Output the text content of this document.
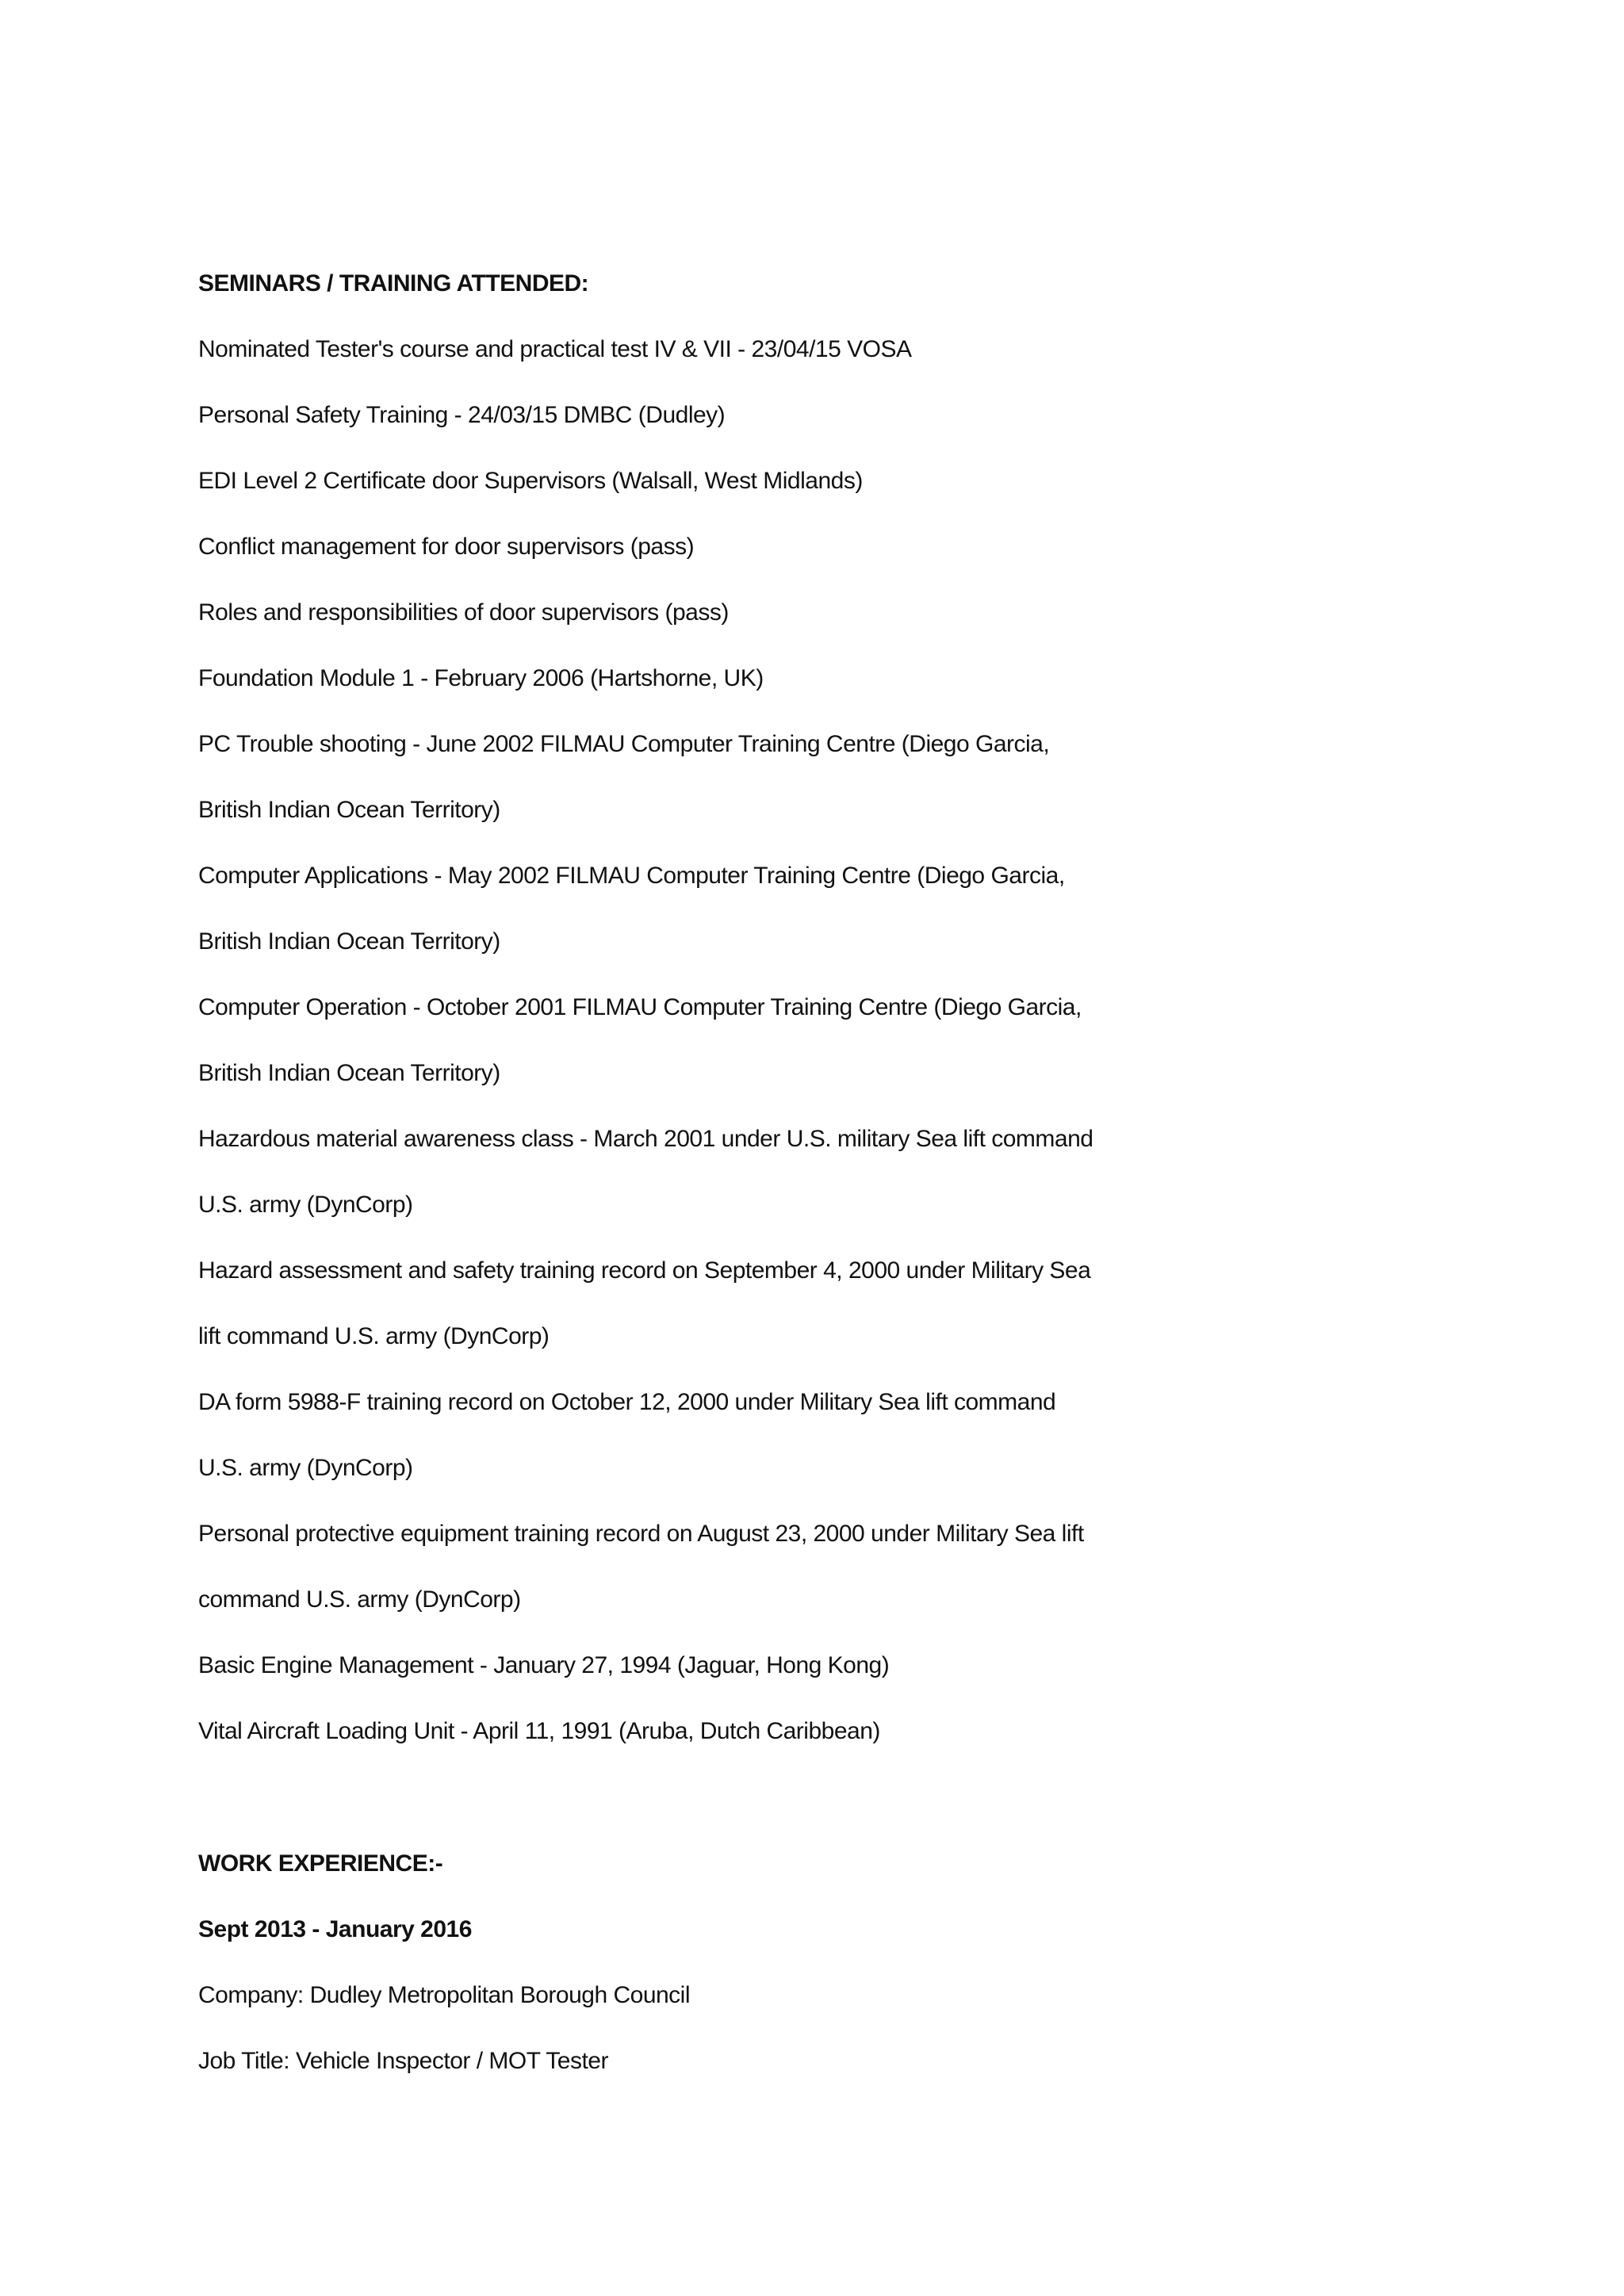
SEMINARS / TRAINING ATTENDED:
Nominated Tester's course and practical test IV & VII - 23/04/15 VOSA
Personal Safety Training - 24/03/15 DMBC (Dudley)
EDI Level 2 Certificate door Supervisors (Walsall, West Midlands)
Conflict management for door supervisors (pass)
Roles and responsibilities of door supervisors (pass)
Foundation Module 1 - February 2006 (Hartshorne, UK)
PC Trouble shooting - June 2002 FILMAU Computer Training Centre (Diego Garcia,
British Indian Ocean Territory)
Computer Applications - May 2002 FILMAU Computer Training Centre (Diego Garcia,
British Indian Ocean Territory)
Computer Operation - October 2001 FILMAU Computer Training Centre (Diego Garcia,
British Indian Ocean Territory)
Hazardous material awareness class - March 2001 under U.S. military Sea lift command
U.S. army (DynCorp)
Hazard assessment and safety training record on September 4, 2000 under Military Sea
lift command U.S. army (DynCorp)
DA form 5988-F training record on October 12, 2000 under Military Sea lift command
U.S. army (DynCorp)
Personal protective equipment training record on August 23, 2000 under Military Sea lift
command U.S. army (DynCorp)
Basic Engine Management - January 27, 1994 (Jaguar, Hong Kong)
Vital Aircraft Loading Unit - April 11, 1991 (Aruba, Dutch Caribbean)
WORK EXPERIENCE:-
Sept 2013 - January 2016
Company: Dudley Metropolitan Borough Council
Job Title: Vehicle Inspector / MOT Tester
